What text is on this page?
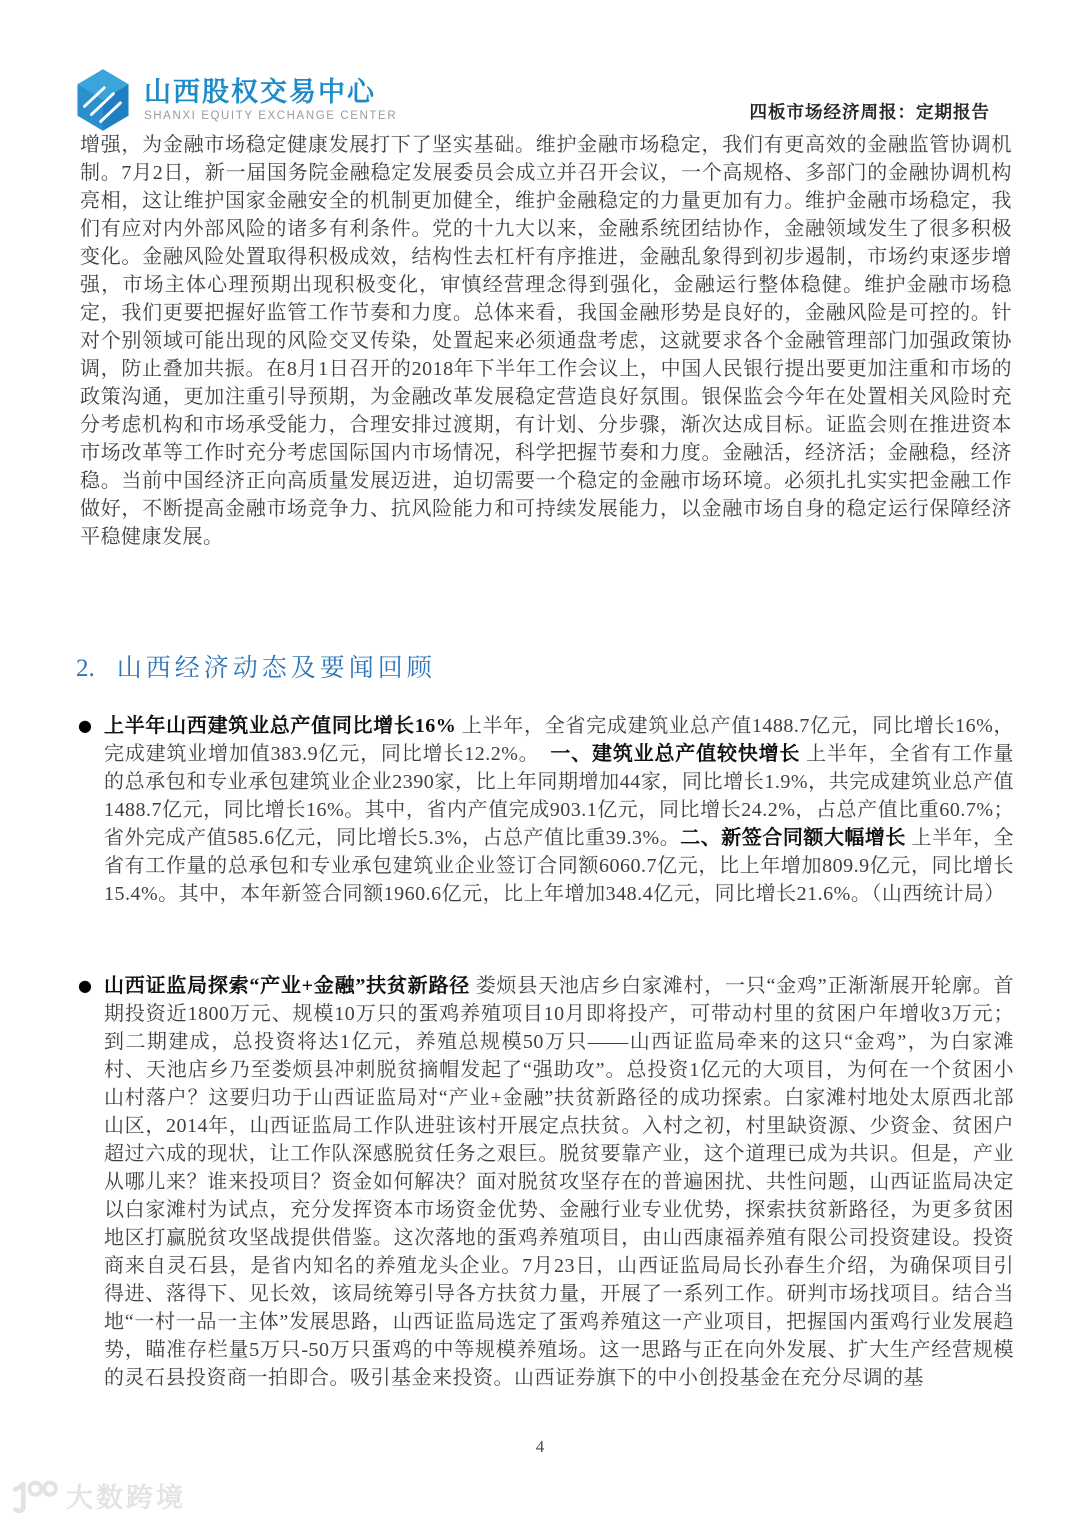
山西股权交易中心
SHANXI EQUITY EXCHANGE CENTER	四板市场经济周报：定期报告

增强，为金融市场稳定健康发展打下了坚实基础。维护金融市场稳定，我们有更高效的金融监管协调机制。7月2日，新一届国务院金融稳定发展委员会成立并召开会议，一个高规格、多部门的金融协调机构亮相，这让维护国家金融安全的机制更加健全，维护金融稳定的力量更加有力。维护金融市场稳定，我们有应对内外部风险的诸多有利条件。党的十九大以来，金融系统团结协作，金融领域发生了很多积极变化。金融风险处置取得积极成效，结构性去杠杆有序推进，金融乱象得到初步遏制，市场约束逐步增强，市场主体心理预期出现积极变化，审慎经营理念得到强化，金融运行整体稳健。维护金融市场稳定，我们更要把握好监管工作节奏和力度。总体来看，我国金融形势是良好的，金融风险是可控的。针对个别领域可能出现的风险交叉传染，处置起来必须通盘考虑，这就要求各个金融管理部门加强政策协调，防止叠加共振。在8月1日召开的2018年下半年工作会议上，中国人民银行提出要更加注重和市场的政策沟通，更加注重引导预期，为金融改革发展稳定营造良好氛围。银保监会今年在处置相关风险时充分考虑机构和市场承受能力，合理安排过渡期，有计划、分步骤，渐次达成目标。证监会则在推进资本市场改革等工作时充分考虑国际国内市场情况，科学把握节奏和力度。金融活，经济活；金融稳，经济稳。当前中国经济正向高质量发展迈进，迫切需要一个稳定的金融市场环境。必须扎扎实实把金融工作做好，不断提高金融市场竞争力、抗风险能力和可持续发展能力，以金融市场自身的稳定运行保障经济平稳健康发展。

2. 山西经济动态及要闻回顾
● 上半年山西建筑业总产值同比增长16% 上半年，全省完成建筑业总产值1488.7亿元，同比增长16%，完成建筑业增加值383.9亿元，同比增长12.2%。　一、建筑业总产值较快增长 上半年，全省有工作量的总承包和专业承包建筑业企业2390家，比上年同期增加44家，同比增长1.9%，共完成建筑业总产值1488.7亿元，同比增长16%。其中，省内产值完成903.1亿元，同比增长24.2%，占总产值比重60.7%；省外完成产值585.6亿元，同比增长5.3%，占总产值比重39.3%。二、新签合同额大幅增长 上半年，全省有工作量的总承包和专业承包建筑业企业签订合同额6060.7亿元，比上年增加809.9亿元，同比增长15.4%。其中，本年新签合同额1960.6亿元，比上年增加348.4亿元，同比增长21.6%。（山西统计局）

● 山西证监局探索“产业+金融”扶贫新路径 娄烦县天池店乡白家滩村，一只“金鸡”正渐渐展开轮廓。首期投资近1800万元、规模10万只的蛋鸡养殖项目10月即将投产，可带动村里的贫困户年增收3万元；到二期建成，总投资将达1亿元，养殖总规模50万只——山西证监局牵来的这只“金鸡”，为白家滩村、天池店乡乃至娄烦县冲刺脱贫摘帽发起了“强助攻”。总投资1亿元的大项目，为何在一个贫困小山村落户？这要归功于山西证监局对“产业+金融”扶贫新路径的成功探索。白家滩村地处太原西北部山区，2014年，山西证监局工作队进驻该村开展定点扶贫。入村之初，村里缺资源、少资金、贫困户超过六成的现状，让工作队深感脱贫任务之艰巨。脱贫要靠产业，这个道理已成为共识。但是，产业从哪儿来？谁来投项目？资金如何解决？面对脱贫攻坚存在的普遍困扰、共性问题，山西证监局决定以白家滩村为试点，充分发挥资本市场资金优势、金融行业专业优势，探索扶贫新路径，为更多贫困地区打赢脱贫攻坚战提供借鉴。这次落地的蛋鸡养殖项目，由山西康福养殖有限公司投资建设。投资商来自灵石县，是省内知名的养殖龙头企业。7月23日，山西证监局局长孙春生介绍，为确保项目引得进、落得下、见长效，该局统筹引导各方扶贫力量，开展了一系列工作。研判市场找项目。结合当地“一村一品一主体”发展思路，山西证监局选定了蛋鸡养殖这一产业项目，把握国内蛋鸡行业发展趋势，瞄准存栏量5万只-50万只蛋鸡的中等规模养殖场。这一思路与正在向外发展、扩大生产经营规模的灵石县投资商一拍即合。吸引基金来投资。山西证券旗下的中小创投基金在充分尽调的基

4
大数跨境
